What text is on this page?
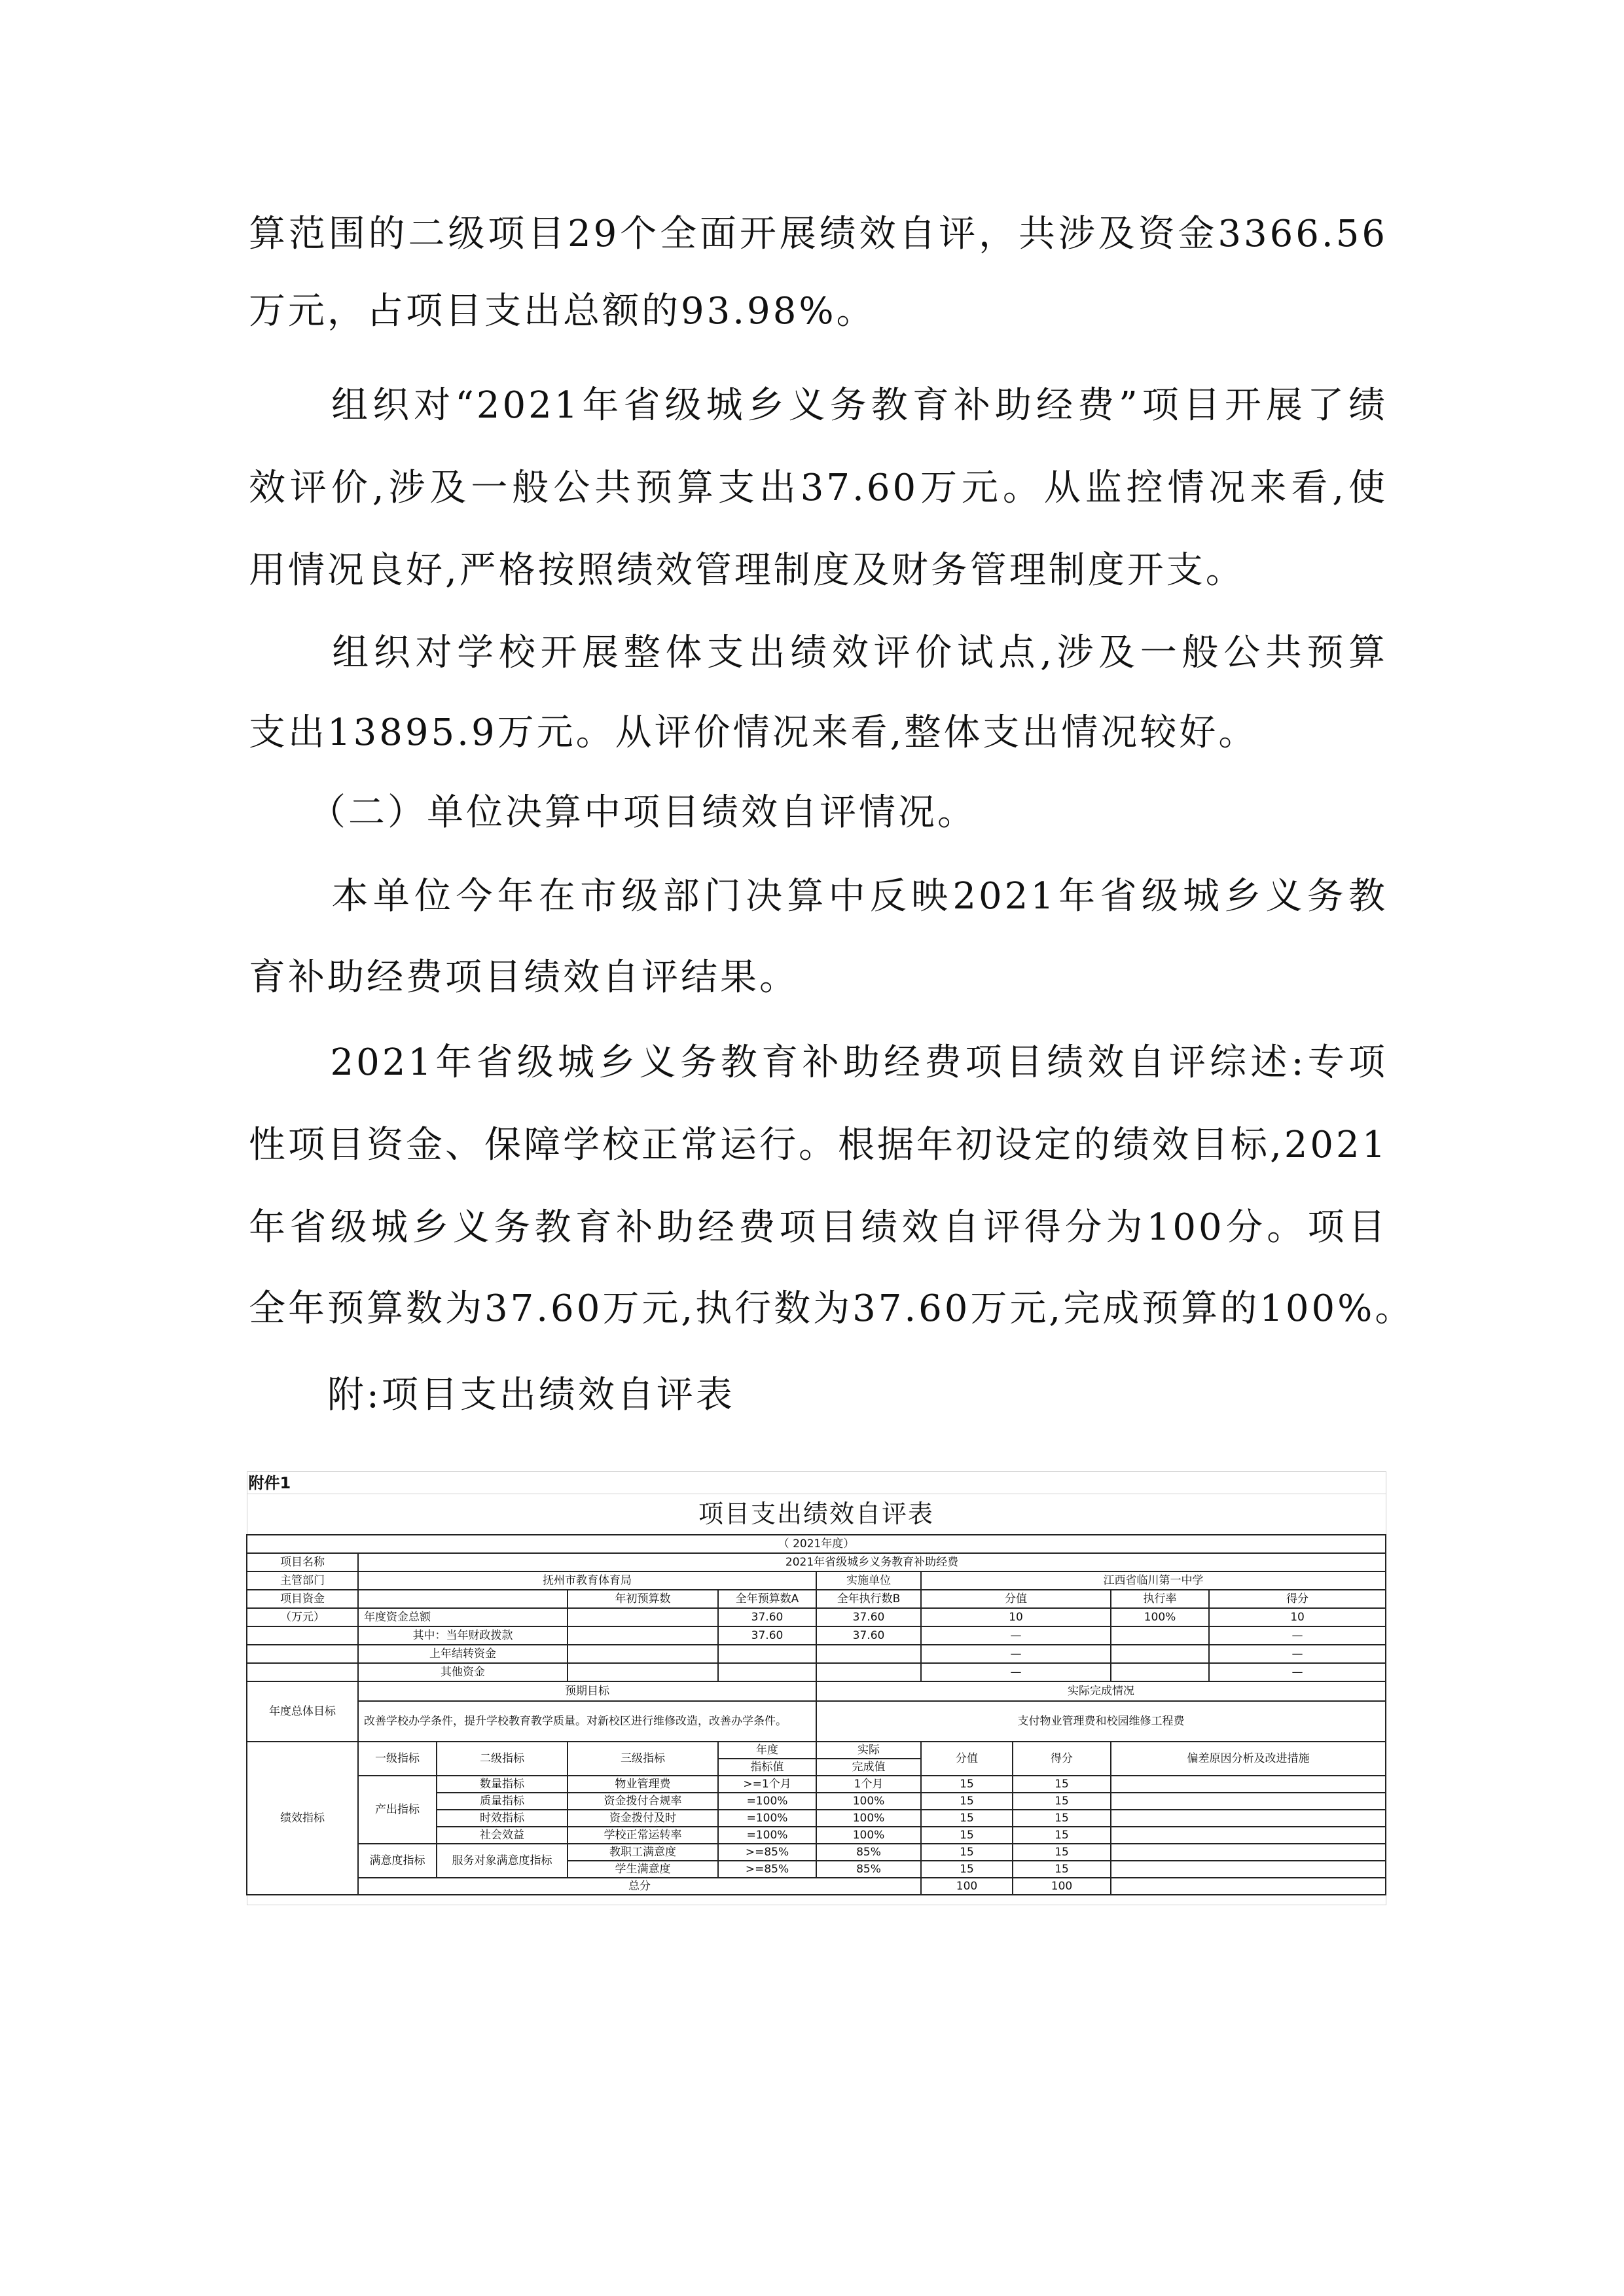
算范围的二级项目29个全面开展绩效自评，共涉及资金3366.56
万元，占项目支出总额的93.98%。
　　组织对“2021年省级城乡义务教育补助经费”项目开展了绩
效评价,涉及一般公共预算支出37.60万元。从监控情况来看,使
用情况良好,严格按照绩效管理制度及财务管理制度开支。
　　组织对学校开展整体支出绩效评价试点,涉及一般公共预算
支出13895.9万元。从评价情况来看,整体支出情况较好。
　　（二）单位决算中项目绩效自评情况。
　　本单位今年在市级部门决算中反映2021年省级城乡义务教
育补助经费项目绩效自评结果。
　　2021年省级城乡义务教育补助经费项目绩效自评综述:专项
性项目资金、保障学校正常运行。根据年初设定的绩效目标,2021
年省级城乡义务教育补助经费项目绩效自评得分为100分。项目
全年预算数为37.60万元,执行数为37.60万元,完成预算的100%。
　　附:项目支出绩效自评表
附件1									
项目支出绩效自评表									
（ 2021年度）									
项目名称	2021年省级城乡义务教育补助经费								
主管部门	抚州市教育体育局				实施单位	江西省临川第一中学			
项目资金			年初预算数	全年预算数A	全年执行数B	分值		执行率	得分
（万元）	年度资金总额			37.60	37.60	10		100%	10
	其中：当年财政拨款			37.60	37.60	—			—
	上年结转资金					—			—
	其他资金					—			—
年度总体目标	预期目标				实际完成情况				
	改善学校办学条件，提升学校教育教学质量。对新校区进行维修改造，改善办学条件。				支付物业管理费和校园维修工程费				
绩效指标	一级指标	二级指标	三级指标	年度	实际	分值	得分	偏差原因分析及改进措施	
				指标值	完成值				
	产出指标	数量指标	物业管理费	>=1个月	1个月	15	15		
		质量指标	资金拨付合规率	=100%	100%	15	15		
		时效指标	资金拨付及时	=100%	100%	15	15		
		社会效益	学校正常运转率	=100%	100%	15	15		
	满意度指标	服务对象满意度指标	教职工满意度	>=85%	85%	15	15		
			学生满意度	>=85%	85%	15	15		
	总分					100	100		
